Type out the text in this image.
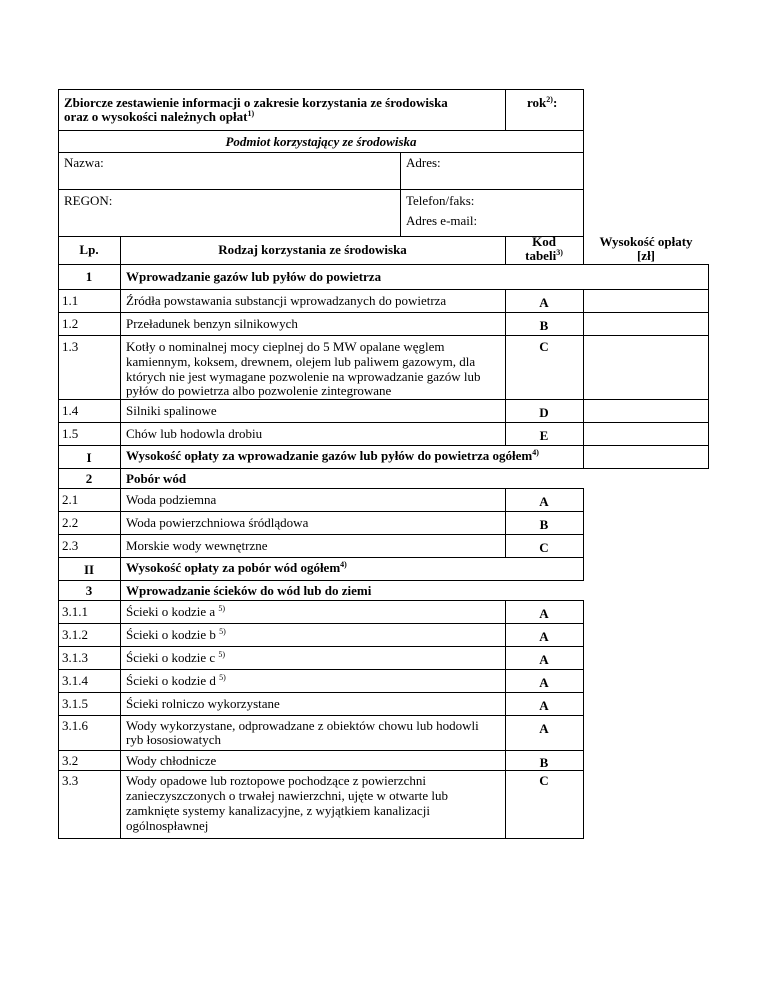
Zbiorcze zestawienie informacji o zakresie korzystania ze środowiska
oraz o wysokości należnych opłat$^{1)}$
rok$^{2)}$:
Podmiot korzystający ze środowiska
Nazwa:	Adres:
REGON:	Telefon/faks:
Adres e-mail:
Lp.	Rodzaj korzystania ze środowiska
Kod
tabeli$^{3)}$
Wysokość opłaty
[zł]
1	Wprowadzanie gazów lub pyłów do powietrza
1.1	Źródła powstawania substancji wprowadzanych do powietrza	A
1.2	Przeładunek benzyn silnikowych	B
1.3	Kotły o nominalnej mocy cieplnej do 5 MW opalane węglem
kamiennym, koksem, drewnem, olejem lub paliwem gazowym, dla
których nie jest wymagane pozwolenie na wprowadzanie gazów lub
pyłów do powietrza albo pozwolenie zintegrowane
C
1.4	Silniki spalinowe	D
1.5	Chów lub hodowla drobiu	E
I	Wysokość opłaty za wprowadzanie gazów lub pyłów do powietrza ogółem$^{4)}$
2	Pobór wód
2.1	Woda podziemna	A
2.2	Woda powierzchniowa śródlądowa	B
2.3	Morskie wody wewnętrzne	C
II	Wysokość opłaty za pobór wód ogółem$^{4)}$
3	Wprowadzanie ścieków do wód lub do ziemi
3.1.1	Ścieki o kodzie a $^{5)}$	A
3.1.2	Ścieki o kodzie b $^{5)}$	A
3.1.3	Ścieki o kodzie c $^{5)}$	A
3.1.4	Ścieki o kodzie d $^{5)}$	A
3.1.5	Ścieki rolniczo wykorzystane	A
3.1.6	Wody wykorzystane, odprowadzane z obiektów chowu lub hodowli
ryb łososiowatych
A
3.2	Wody chłodnicze	B
3.3	Wody opadowe lub roztopowe pochodzące z powierzchni
zanieczyszczonych o trwałej nawierzchni, ujęte w otwarte lub
zamknięte systemy kanalizacyjne, z wyjątkiem kanalizacji
ogólnospławnej
C
